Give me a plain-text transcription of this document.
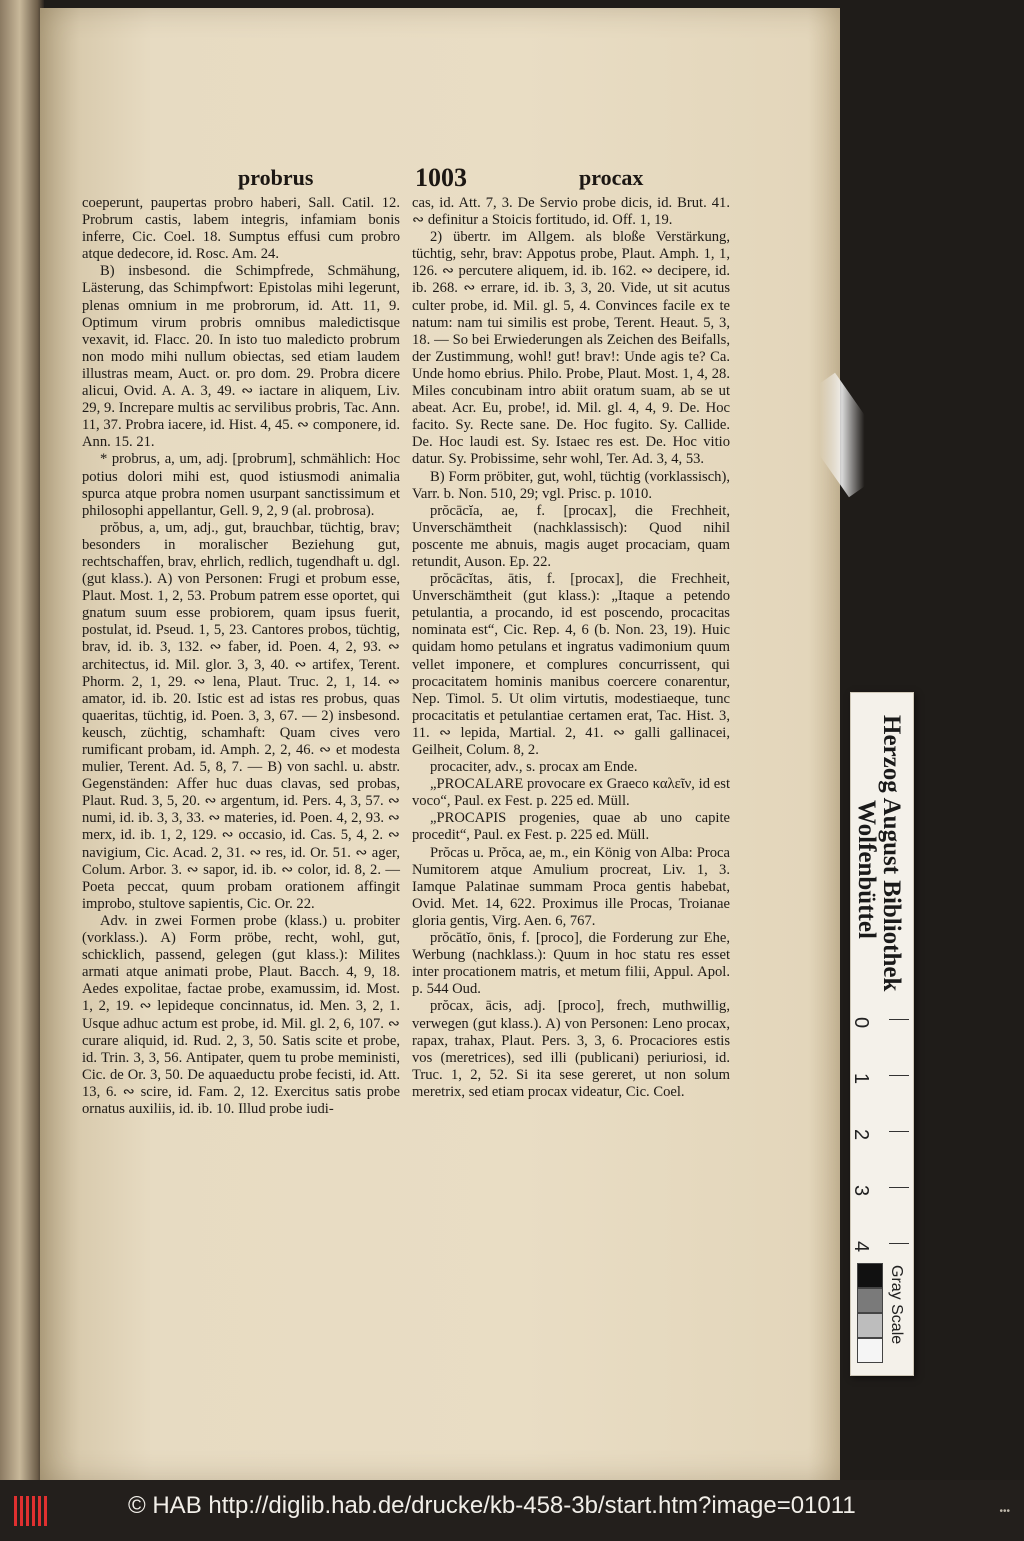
probrus	1003	procax

coeperunt, paupertas probro haberi, Sall. Catil. 12. Probrum castis, labem integris, infamiam bonis inferre, Cic. Coel. 18. Sumptus effusi cum probro atque dedecore, id. Rosc. Am. 24.

B) insbesond. die Schimpfrede, Schmähung, Lästerung, das Schimpfwort: Epistolas mihi legerunt, plenas omnium in me probrorum, id. Att. 11, 9. Optimum virum probris omnibus maledictisque vexavit, id. Flacc. 20. In isto tuo maledicto probrum non modo mihi nullum obiectas, sed etiam laudem illustras meam, Auct. or. pro dom. 29. Probra dicere alicui, Ovid. A. A. 3, 49. ∾ iactare in aliquem, Liv. 29, 9. Increpare multis ac servilibus probris, Tac. Ann. 11, 37. Probra iacere, id. Hist. 4, 45. ∾ componere, id. Ann. 15. 21.

* probrus, a, um, adj. [probrum], schmählich: Hoc potius dolori mihi est, quod istiusmodi animalia spurca atque probra nomen usurpant sanctissimum et philosophi appellantur, Gell. 9, 2, 9 (al. probrosa).

prŏbus, a, um, adj., gut, brauchbar, tüchtig, brav; besonders in moralischer Beziehung gut, rechtschaffen, brav, ehrlich, redlich, tugendhaft u. dgl. (gut klass.). A) von Personen: Frugi et probum esse, Plaut. Most. 1, 2, 53. Probum patrem esse oportet, qui gnatum suum esse probiorem, quam ipsus fuerit, postulat, id. Pseud. 1, 5, 23. Cantores probos, tüchtig, brav, id. ib. 3, 132. ∾ faber, id. Poen. 4, 2, 93. ∾ architectus, id. Mil. glor. 3, 3, 40. ∾ artifex, Terent. Phorm. 2, 1, 29. ∾ lena, Plaut. Truc. 2, 1, 14. ∾ amator, id. ib. 20. Istic est ad istas res probus, quas quaeritas, tüchtig, id. Poen. 3, 3, 67. — 2) insbesond. keusch, züchtig, schamhaft: Quam cives vero rumificant probam, id. Amph. 2, 2, 46. ∾ et modesta mulier, Terent. Ad. 5, 8, 7. — B) von sachl. u. abstr. Gegenständen: Affer huc duas clavas, sed probas, Plaut. Rud. 3, 5, 20. ∾ argentum, id. Pers. 4, 3, 57. ∾ numi, id. ib. 3, 3, 33. ∾ materies, id. Poen. 4, 2, 93. ∾ merx, id. ib. 1, 2, 129. ∾ occasio, id. Cas. 5, 4, 2. ∾ navigium, Cic. Acad. 2, 31. ∾ res, id. Or. 51. ∾ ager, Colum. Arbor. 3. ∾ sapor, id. ib. ∾ color, id. 8, 2. — Poeta peccat, quum probam orationem affingit improbo, stultove sapientis, Cic. Or. 22.

Adv. in zwei Formen probe (klass.) u. probiter (vorklass.). A) Form pröbe, recht, wohl, gut, schicklich, passend, gelegen (gut klass.): Milites armati atque animati probe, Plaut. Bacch. 4, 9, 18. Aedes expolitae, factae probe, examussim, id. Most. 1, 2, 19. ∾ lepideque concinnatus, id. Men. 3, 2, 1. Usque adhuc actum est probe, id. Mil. gl. 2, 6, 107. ∾ curare aliquid, id. Rud. 2, 3, 50. Satis scite et probe, id. Trin. 3, 3, 56. Antipater, quem tu probe meministi, Cic. de Or. 3, 50. De aquaeductu probe fecisti, id. Att. 13, 6. ∾ scire, id. Fam. 2, 12. Exercitus satis probe ornatus auxiliis, id. ib. 10. Illud probe iudi-

cas, id. Att. 7, 3. De Servio probe dicis, id. Brut. 41. ∾ definitur a Stoicis fortitudo, id. Off. 1, 19.

2) übertr. im Allgem. als bloße Verstärkung, tüchtig, sehr, brav: Appotus probe, Plaut. Amph. 1, 1, 126. ∾ percutere aliquem, id. ib. 162. ∾ decipere, id. ib. 268. ∾ errare, id. ib. 3, 3, 20. Vide, ut sit acutus culter probe, id. Mil. gl. 5, 4. Convinces facile ex te natum: nam tui similis est probe, Terent. Heaut. 5, 3, 18. — So bei Erwiederungen als Zeichen des Beifalls, der Zustimmung, wohl! gut! brav!: Unde agis te? Ca. Unde homo ebrius. Philo. Probe, Plaut. Most. 1, 4, 28. Miles concubinam intro abiit oratum suam, ab se ut abeat. Acr. Eu, probe!, id. Mil. gl. 4, 4, 9. De. Hoc facito. Sy. Recte sane. De. Hoc fugito. Sy. Callide. De. Hoc laudi est. Sy. Istaec res est. De. Hoc vitio datur. Sy. Probissime, sehr wohl, Ter. Ad. 3, 4, 53.

B) Form pröbiter, gut, wohl, tüchtig (vorklassisch), Varr. b. Non. 510, 29; vgl. Prisc. p. 1010.

prŏcācĭa, ae, f. [procax], die Frechheit, Unverschämtheit (nachklassisch): Quod nihil poscente me abnuis, magis auget procaciam, quam retundit, Auson. Ep. 22.

prŏcācĭtas, ātis, f. [procax], die Frechheit, Unverschämtheit (gut klass.): „Itaque a petendo petulantia, a procando, id est poscendo, procacitas nominata est“, Cic. Rep. 4, 6 (b. Non. 23, 19). Huic quidam homo petulans et ingratus vadimonium quum vellet imponere, et complures concurrissent, qui procacitatem hominis manibus coercere conarentur, Nep. Timol. 5. Ut olim virtutis, modestiaeque, tunc procacitatis et petulantiae certamen erat, Tac. Hist. 3, 11. ∾ lepida, Martial. 2, 41. ∾ galli gallinacei, Geilheit, Colum. 8, 2.

procaciter, adv., s. procax am Ende.

„PROCALARE provocare ex Graeco καλεῖν, id est voco“, Paul. ex Fest. p. 225 ed. Müll.

„PROCAPIS progenies, quae ab uno capite procedit“, Paul. ex Fest. p. 225 ed. Müll.

Prŏcas u. Prŏca, ae, m., ein König von Alba: Proca Numitorem atque Amulium procreat, Liv. 1, 3. Iamque Palatinae summam Proca gentis habebat, Ovid. Met. 14, 622. Proximus ille Procas, Troianae gloria gentis, Virg. Aen. 6, 767.

prŏcātĭo, ōnis, f. [proco], die Forderung zur Ehe, Werbung (nachklass.): Quum in hoc statu res esset inter procationem matris, et metum filii, Appul. Apol. p. 544 Oud.

prŏcax, ācis, adj. [proco], frech, muthwillig, verwegen (gut klass.). A) von Personen: Leno procax, rapax, trahax, Plaut. Pers. 3, 3, 6. Procaciores estis vos (meretrices), sed illi (publicani) periuriosi, id. Truc. 1, 2, 52. Si ita sese gereret, ut non solum meretrix, sed etiam procax videatur, Cic. Coel.

Herzog August Bibliothek
Wolfenbüttel
0
1
2
3
4
Gray Scale
© HAB http://diglib.hab.de/drucke/kb-458-3b/start.htm?image=01011	•••
